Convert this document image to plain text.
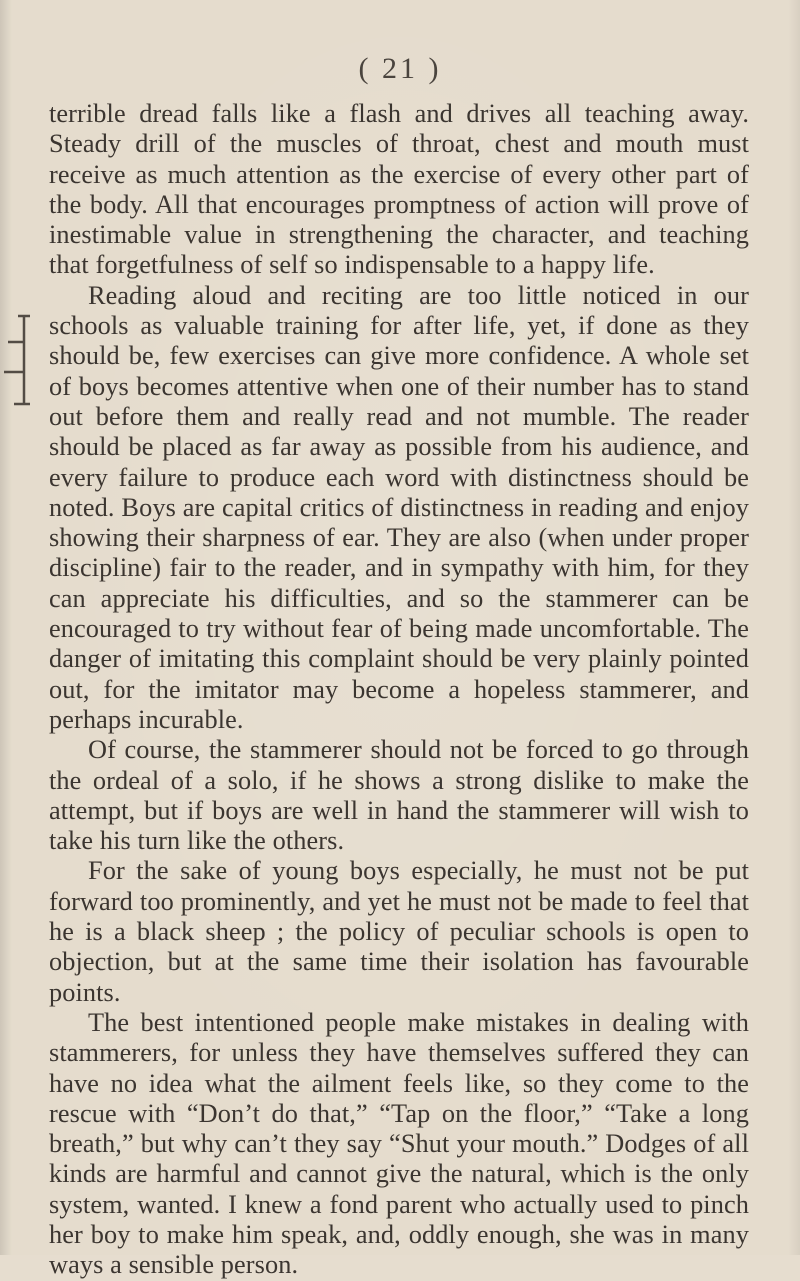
( 21 )

terrible dread falls like a flash and drives all teaching away. Steady drill of the muscles of throat, chest and mouth must receive as much attention as the exercise of every other part of the body. All that encourages promptness of action will prove of inestimable value in strengthening the character, and teaching that forgetfulness of self so indispensable to a happy life.

Reading aloud and reciting are too little noticed in our schools as valuable training for after life, yet, if done as they should be, few exercises can give more confidence. A whole set of boys becomes attentive when one of their number has to stand out before them and really read and not mumble. The reader should be placed as far away as possible from his audience, and every failure to produce each word with distinctness should be noted. Boys are capital critics of distinctness in reading and enjoy showing their sharpness of ear. They are also (when under proper discipline) fair to the reader, and in sympathy with him, for they can appreciate his difficulties, and so the stammerer can be encouraged to try without fear of being made uncomfortable. The danger of imitating this complaint should be very plainly pointed out, for the imitator may become a hopeless stammerer, and perhaps incurable.

Of course, the stammerer should not be forced to go through the ordeal of a solo, if he shows a strong dislike to make the attempt, but if boys are well in hand the stammerer will wish to take his turn like the others.

For the sake of young boys especially, he must not be put forward too prominently, and yet he must not be made to feel that he is a black sheep ; the policy of peculiar schools is open to objection, but at the same time their isolation has favourable points.

The best intentioned people make mistakes in dealing with stammerers, for unless they have themselves suffered they can have no idea what the ailment feels like, so they come to the rescue with “Don’t do that,” “Tap on the floor,” “Take a long breath,” but why can’t they say “Shut your mouth.” Dodges of all kinds are harmful and cannot give the natural, which is the only system, wanted. I knew a fond parent who actually used to pinch her boy to make him speak, and, oddly enough, she was in many ways a sensible person.
